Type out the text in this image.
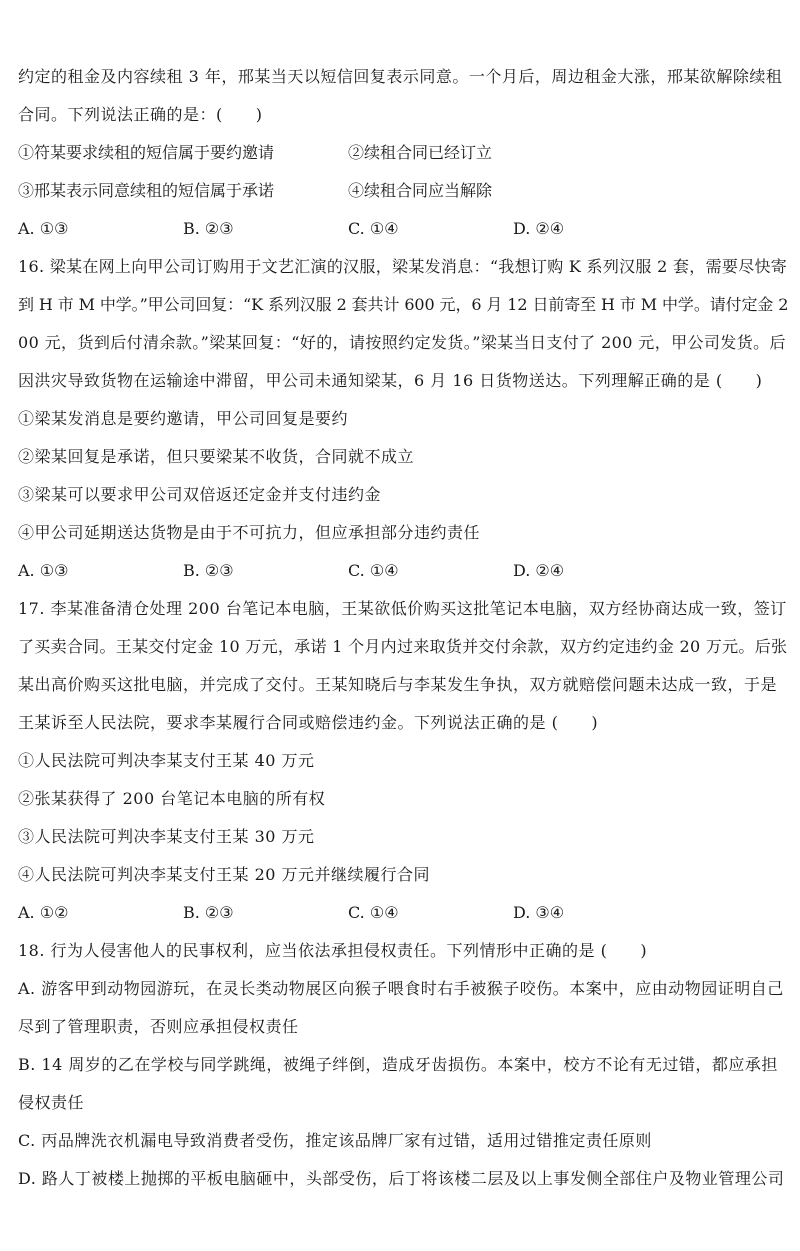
约定的租金及内容续租 3 年，邢某当天以短信回复表示同意。一个月后，周边租金大涨，邢某欲解除续租
合同。下列说法正确的是：(　　)
①符某要求续租的短信属于要约邀请	②续租合同已经订立
③邢某表示同意续租的短信属于承诺	④续租合同应当解除
A. ①③	B. ②③	C. ①④	D. ②④
16. 梁某在网上向甲公司订购用于文艺汇演的汉服，梁某发消息：“我想订购 K 系列汉服 2 套，需要尽快寄
到 H 市 M 中学。”甲公司回复：“K 系列汉服 2 套共计 600 元，6 月 12 日前寄至 H 市 M 中学。请付定金 2
00 元，货到后付清余款。”梁某回复：“好的，请按照约定发货。”梁某当日支付了 200 元，甲公司发货。后
因洪灾导致货物在运输途中滞留，甲公司未通知梁某，6 月 16 日货物送达。下列理解正确的是 (　　)
①梁某发消息是要约邀请，甲公司回复是要约
②梁某回复是承诺，但只要梁某不收货，合同就不成立
③梁某可以要求甲公司双倍返还定金并支付违约金
④甲公司延期送达货物是由于不可抗力，但应承担部分违约责任
A. ①③	B. ②③	C. ①④	D. ②④
17. 李某准备清仓处理 200 台笔记本电脑，王某欲低价购买这批笔记本电脑，双方经协商达成一致，签订
了买卖合同。王某交付定金 10 万元，承诺 1 个月内过来取货并交付余款，双方约定违约金 20 万元。后张
某出高价购买这批电脑，并完成了交付。王某知晓后与李某发生争执，双方就赔偿问题未达成一致，于是
王某诉至人民法院，要求李某履行合同或赔偿违约金。下列说法正确的是 (　　)
①人民法院可判决李某支付王某 40 万元
②张某获得了 200 台笔记本电脑的所有权
③人民法院可判决李某支付王某 30 万元
④人民法院可判决李某支付王某 20 万元并继续履行合同
A. ①②	B. ②③	C. ①④	D. ③④
18. 行为人侵害他人的民事权利，应当依法承担侵权责任。下列情形中正确的是 (　　)
A. 游客甲到动物园游玩，在灵长类动物展区向猴子喂食时右手被猴子咬伤。本案中，应由动物园证明自己
尽到了管理职责，否则应承担侵权责任
B. 14 周岁的乙在学校与同学跳绳，被绳子绊倒，造成牙齿损伤。本案中，校方不论有无过错，都应承担
侵权责任
C. 丙品牌洗衣机漏电导致消费者受伤，推定该品牌厂家有过错，适用过错推定责任原则
D. 路人丁被楼上抛掷的平板电脑砸中，头部受伤，后丁将该楼二层及以上事发侧全部住户及物业管理公司
